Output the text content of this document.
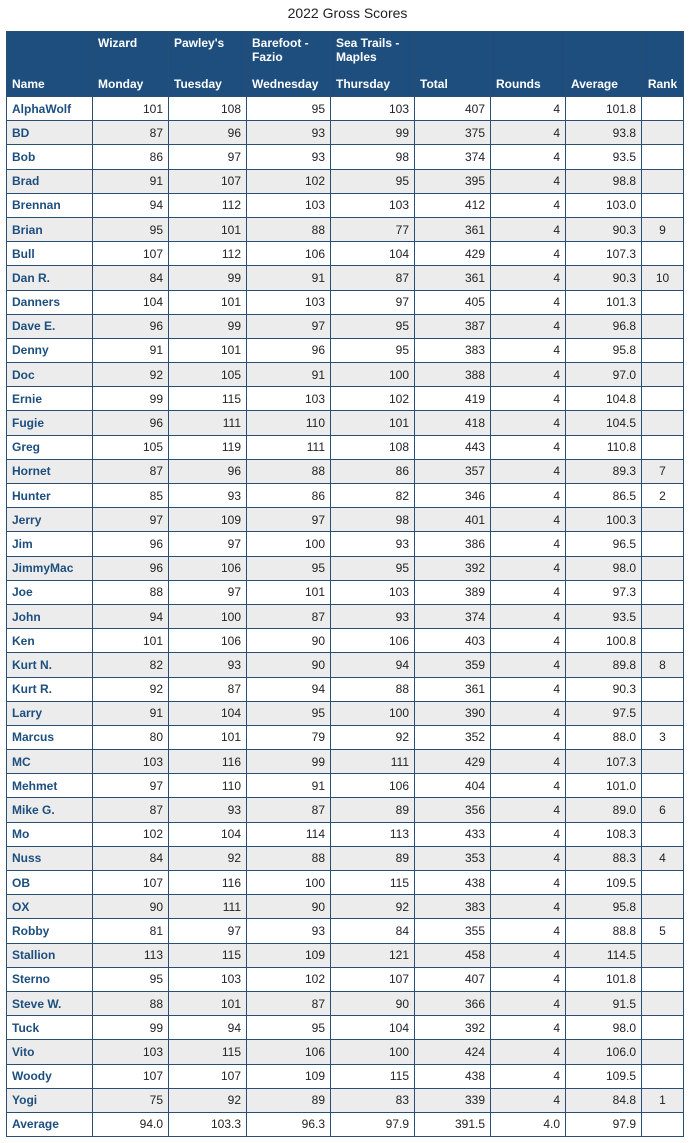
2022 Gross Scores
	Wizard	Pawley's	Barefoot - Fazio	Sea Trails - Maples				
Name	Monday	Tuesday	Wednesday	Thursday	Total	Rounds	Average	Rank
AlphaWolf	101	108	95	103	407	4	101.8	
BD	87	96	93	99	375	4	93.8	
Bob	86	97	93	98	374	4	93.5	
Brad	91	107	102	95	395	4	98.8	
Brennan	94	112	103	103	412	4	103.0	
Brian	95	101	88	77	361	4	90.3	9
Bull	107	112	106	104	429	4	107.3	
Dan R.	84	99	91	87	361	4	90.3	10
Danners	104	101	103	97	405	4	101.3	
Dave E.	96	99	97	95	387	4	96.8	
Denny	91	101	96	95	383	4	95.8	
Doc	92	105	91	100	388	4	97.0	
Ernie	99	115	103	102	419	4	104.8	
Fugie	96	111	110	101	418	4	104.5	
Greg	105	119	111	108	443	4	110.8	
Hornet	87	96	88	86	357	4	89.3	7
Hunter	85	93	86	82	346	4	86.5	2
Jerry	97	109	97	98	401	4	100.3	
Jim	96	97	100	93	386	4	96.5	
JimmyMac	96	106	95	95	392	4	98.0	
Joe	88	97	101	103	389	4	97.3	
John	94	100	87	93	374	4	93.5	
Ken	101	106	90	106	403	4	100.8	
Kurt N.	82	93	90	94	359	4	89.8	8
Kurt R.	92	87	94	88	361	4	90.3	
Larry	91	104	95	100	390	4	97.5	
Marcus	80	101	79	92	352	4	88.0	3
MC	103	116	99	111	429	4	107.3	
Mehmet	97	110	91	106	404	4	101.0	
Mike G.	87	93	87	89	356	4	89.0	6
Mo	102	104	114	113	433	4	108.3	
Nuss	84	92	88	89	353	4	88.3	4
OB	107	116	100	115	438	4	109.5	
OX	90	111	90	92	383	4	95.8	
Robby	81	97	93	84	355	4	88.8	5
Stallion	113	115	109	121	458	4	114.5	
Sterno	95	103	102	107	407	4	101.8	
Steve W.	88	101	87	90	366	4	91.5	
Tuck	99	94	95	104	392	4	98.0	
Vito	103	115	106	100	424	4	106.0	
Woody	107	107	109	115	438	4	109.5	
Yogi	75	92	89	83	339	4	84.8	1
Average	94.0	103.3	96.3	97.9	391.5	4.0	97.9	
